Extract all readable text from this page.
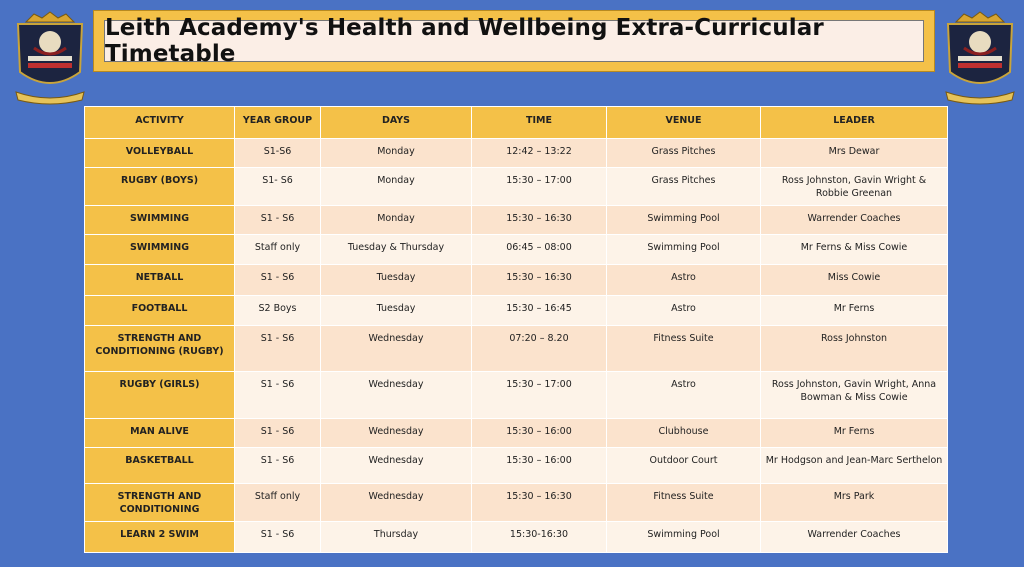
Leith Academy's Health and Wellbeing Extra-Curricular Timetable
ACTIVITY	YEAR GROUP	DAYS	TIME	VENUE	LEADER
VOLLEYBALL	S1-S6	Monday	12:42 – 13:22	Grass Pitches	Mrs Dewar
RUGBY (BOYS)	S1- S6	Monday	15:30 – 17:00	Grass Pitches	Ross Johnston, Gavin Wright & Robbie Greenan
SWIMMING	S1 - S6	Monday	15:30 – 16:30	Swimming Pool	Warrender Coaches
SWIMMING	Staff only	Tuesday & Thursday	06:45 – 08:00	Swimming Pool	Mr Ferns & Miss Cowie
NETBALL	S1 - S6	Tuesday	15:30 – 16:30	Astro	Miss Cowie
FOOTBALL	S2 Boys	Tuesday	15:30 – 16:45	Astro	Mr Ferns
STRENGTH AND CONDITIONING (RUGBY)	S1 - S6	Wednesday	07:20 – 8.20	Fitness Suite	Ross Johnston
RUGBY (GIRLS)	S1 - S6	Wednesday	15:30 – 17:00	Astro	Ross Johnston, Gavin Wright, Anna Bowman & Miss Cowie
MAN ALIVE	S1 - S6	Wednesday	15:30 – 16:00	Clubhouse	Mr Ferns
BASKETBALL	S1 - S6	Wednesday	15:30 – 16:00	Outdoor Court	Mr Hodgson and Jean-Marc Serthelon
STRENGTH AND CONDITIONING	Staff only	Wednesday	15:30 – 16:30	Fitness Suite	Mrs Park
LEARN 2 SWIM	S1 - S6	Thursday	15:30-16:30	Swimming Pool	Warrender Coaches
